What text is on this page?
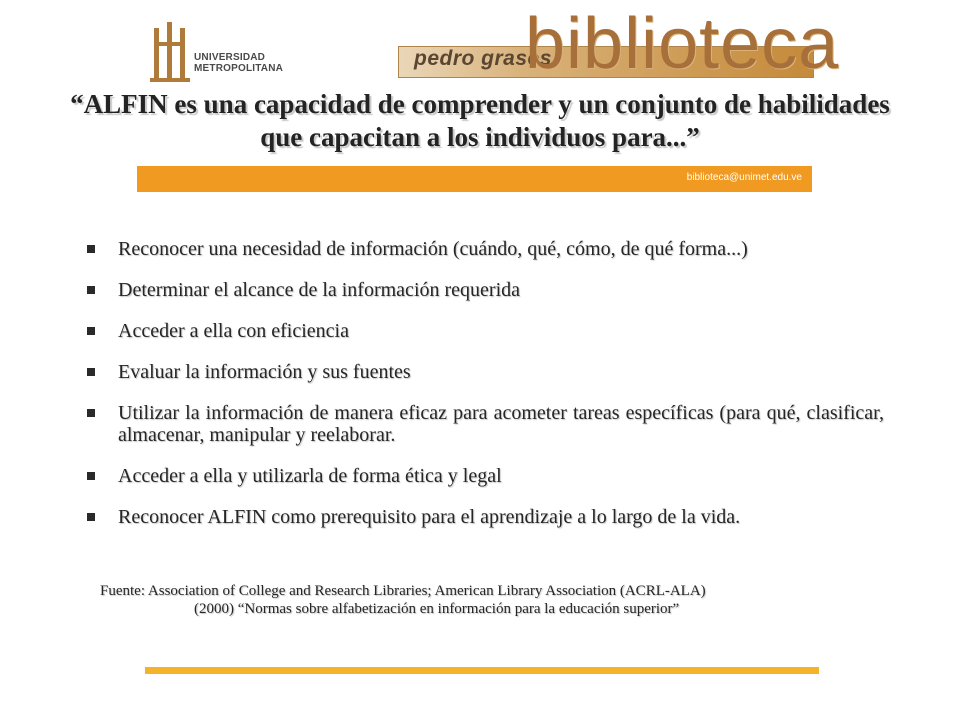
UNIVERSIDAD
METROPOLITANA	pedro grases
biblioteca
biblioteca@unimet.edu.ve
“ALFIN es una capacidad de comprender y un conjunto de habilidades que capacitan a los individuos para...”
Reconocer una necesidad de información (cuándo, qué, cómo, de qué forma...)
Determinar el alcance de la información requerida
Acceder a ella con eficiencia
Evaluar la información y sus fuentes
Utilizar la información de manera eficaz para acometer tareas específicas (para qué, clasificar, almacenar, manipular y reelaborar.
Acceder a ella y utilizarla de forma ética y legal
Reconocer ALFIN como prerequisito para el aprendizaje a lo largo de la vida.
Fuente: Association of College and Research Libraries; American Library Association (ACRL-ALA)
(2000) “Normas sobre alfabetización en información para la educación superior”
